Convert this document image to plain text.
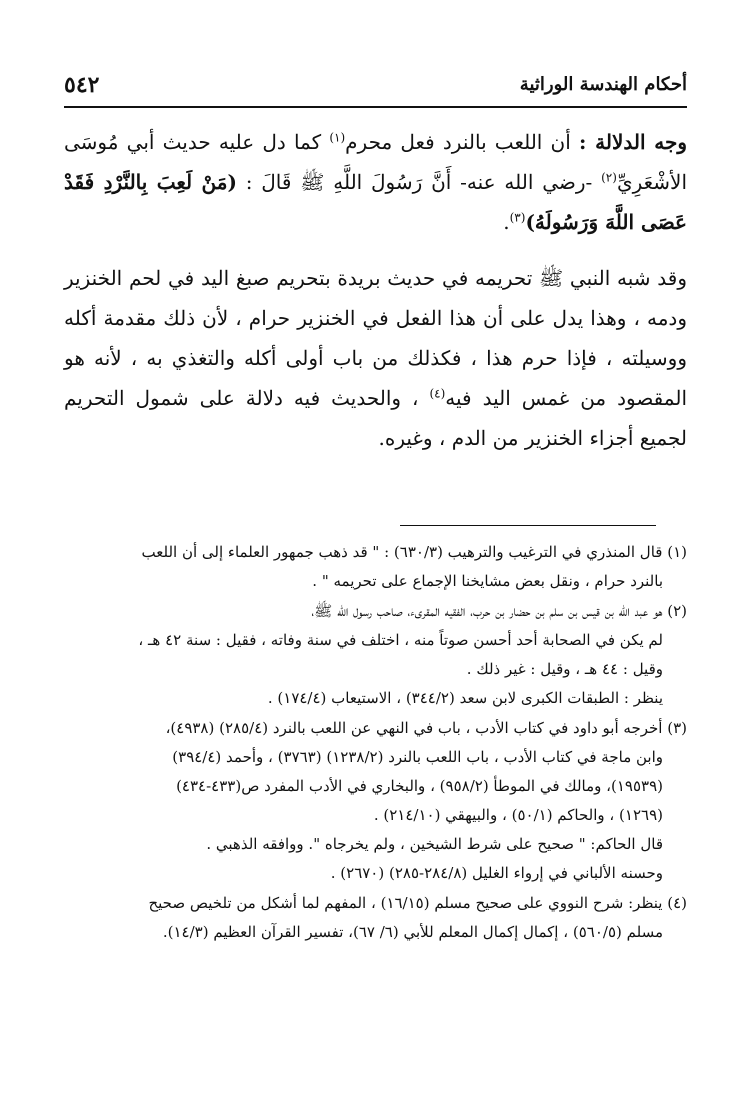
٥٤٢	أحكام الهندسة الوراثية

وجه الدلالة : أن اللعب بالنرد فعل محرم$^{(١)}$ كما دل عليه حديث أبي مُوسَى الأشْعَرِيِّ$^{(٢)}$ -رضي الله عنه- أَنَّ رَسُولَ اللَّهِ ﷺ قَالَ : (مَنْ لَعِبَ بِالنَّرْدِ فَقَدْ عَصَى اللَّهَ وَرَسُولَهُ)$^{(٣)}$.

وقد شبه النبي ﷺ تحريمه في حديث بريدة بتحريم صبغ اليد في لحم الخنزير ودمه ، وهذا يدل على أن هذا الفعل في الخنزير حرام ، لأن ذلك مقدمة أكله ووسيلته ، فإذا حرم هذا ، فكذلك من باب أولى أكله والتغذي به ، لأنه هو المقصود من غمس اليد فيه$^{(٤)}$ ، والحديث فيه دلالة على شمول التحريم لجميع أجزاء الخنزير من الدم ، وغيره.

(١) قال المنذري في الترغيب والترهيب (٦٣٠/٣) : " قد ذهب جمهور العلماء إلى أن اللعب
بالنرد حرام ، ونقل بعض مشايخنا الإجماع على تحريمه " .
(٢) هو عبد الله بن قيس بن سلم بن حضار بن حرب، الفقيه المقرىء، صاحب رسول الله ﷺ،
لم يكن في الصحابة أحد أحسن صوتاً منه ، اختلف في سنة وفاته ، فقيل : سنة ٤٢ هـ ،
وقيل : ٤٤ هـ ، وقيل : غير ذلك .
ينظر : الطبقات الكبرى لابن سعد (٣٤٤/٢) ، الاستيعاب (١٧٤/٤) .
(٣) أخرجه أبو داود في كتاب الأدب ، باب في النهي عن اللعب بالنرد (٢٨٥/٤) (٤٩٣٨)،
وابن ماجة في كتاب الأدب ، باب اللعب بالنرد (١٢٣٨/٢) (٣٧٦٣) ، وأحمد (٣٩٤/٤)
(١٩٥٣٩)، ومالك في الموطأ (٩٥٨/٢) ، والبخاري في الأدب المفرد ص(٤٣٣-٤٣٤)
(١٢٦٩) ، والحاكم (٥٠/١) ، والبيهقي (٢١٤/١٠) .
قال الحاكم: " صحيح على شرط الشيخين ، ولم يخرجاه ". ووافقه الذهبي .
وحسنه الألباني في إرواء الغليل (٢٨٤/٨-٢٨٥) (٢٦٧٠) .
(٤) ينظر: شرح النووي على صحيح مسلم (١٦/١٥) ، المفهم لما أشكل من تلخيص صحيح
مسلم (٥٦٠/٥) ، إكمال إكمال المعلم للأبي (٦/ ٦٧)، تفسير القرآن العظيم (١٤/٣).
